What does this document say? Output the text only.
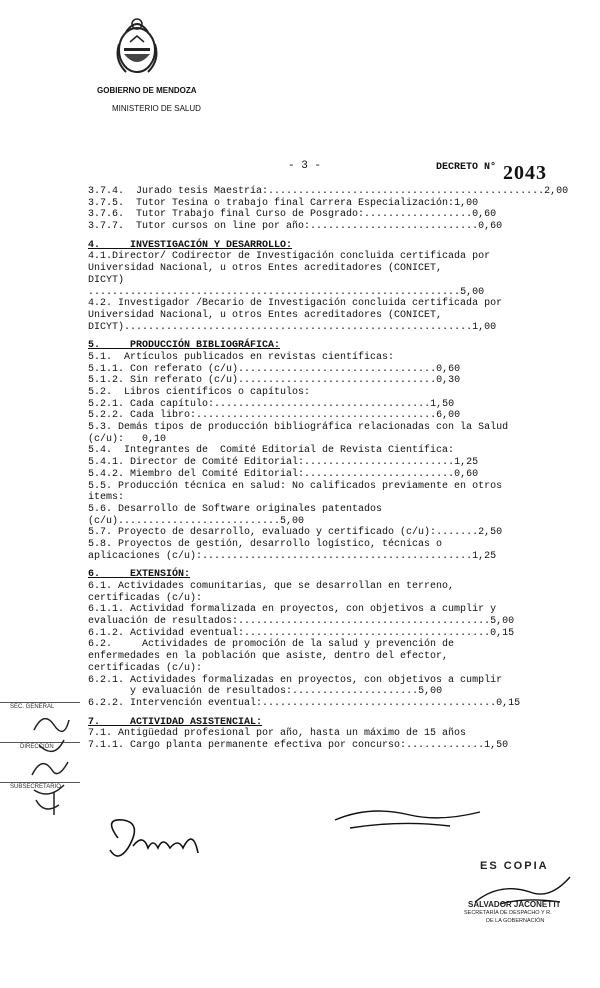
GOBIERNO DE MENDOZA
MINISTERIO DE SALUD
- 3 -	DECRETO N° 2043
3.7.4.  Jurado tesis Maestría:..............................................2,00
3.7.5.  Tutor Tesina o trabajo final Carrera Especialización:1,00
3.7.6.  Tutor Trabajo final Curso de Posgrado:..................0,60
3.7.7.  Tutor cursos on line por año:............................0,60
4.     INVESTIGACIÓN Y DESARROLLO:
4.1.Director/ Codirector de Investigación concluida certificada por
Universidad Nacional, u otros Entes acreditadores (CONICET,
DICYT)
..............................................................5,00
4.2. Investigador /Becario de Investigación concluida certificada por
Universidad Nacional, u otros Entes acreditadores (CONICET,
DICYT)..........................................................1,00
5.     PRODUCCIÓN BIBLIOGRÁFICA:
5.1.  Artículos publicados en revistas científicas:
5.1.1. Con referato (c/u).................................0,60
5.1.2. Sin referato (c/u).................................0,30
5.2.  Libros científicos o capítulos:
5.2.1. Cada capítulo:....................................1,50
5.2.2. Cada libro:........................................6,00
5.3. Demás tipos de producción bibliográfica relacionadas con la Salud
(c/u):   0,10
5.4.  Integrantes de  Comité Editorial de Revista Científica:
5.4.1. Director de Comité Editorial:.........................1,25
5.4.2. Miembro del Comité Editorial:.........................0,60
5.5. Producción técnica en salud: No calificados previamente en otros
items:
5.6. Desarrollo de Software originales patentados
(c/u)...........................5,00
5.7. Proyecto de desarrollo, evaluado y certificado (c/u):.......2,50
5.8. Proyectos de gestión, desarrollo logístico, técnicas o
aplicaciones (c/u):.............................................1,25
6.     EXTENSIÓN:
6.1. Actividades comunitarias, que se desarrollan en terreno,
certificadas (c/u):
6.1.1. Actividad formalizada en proyectos, con objetivos a cumplir y
evaluación de resultados:..........................................5,00
6.1.2. Actividad eventual:.........................................0,15
6.2.     Actividades de promoción de la salud y prevención de
enfermedades en la población que asiste, dentro del efector,
certificadas (c/u):
6.2.1. Actividades formalizadas en proyectos, con objetivos a cumplir
y evaluación de resultados:.....................5,00
6.2.2. Intervención eventual:.......................................0,15
7.     ACTIVIDAD ASISTENCIAL:
7.1. Antigüedad profesional por año, hasta un máximo de 15 años
7.1.1. Cargo planta permanente efectiva por concurso:.............1,50
SEC. GENERAL
DIRECCIÓN
SUBSECRETARIO
ES COPIA
SALVADOR JACONETTI
SECRETARÍA DE DESPACHO Y R.
DE LA GOBERNACIÓN
